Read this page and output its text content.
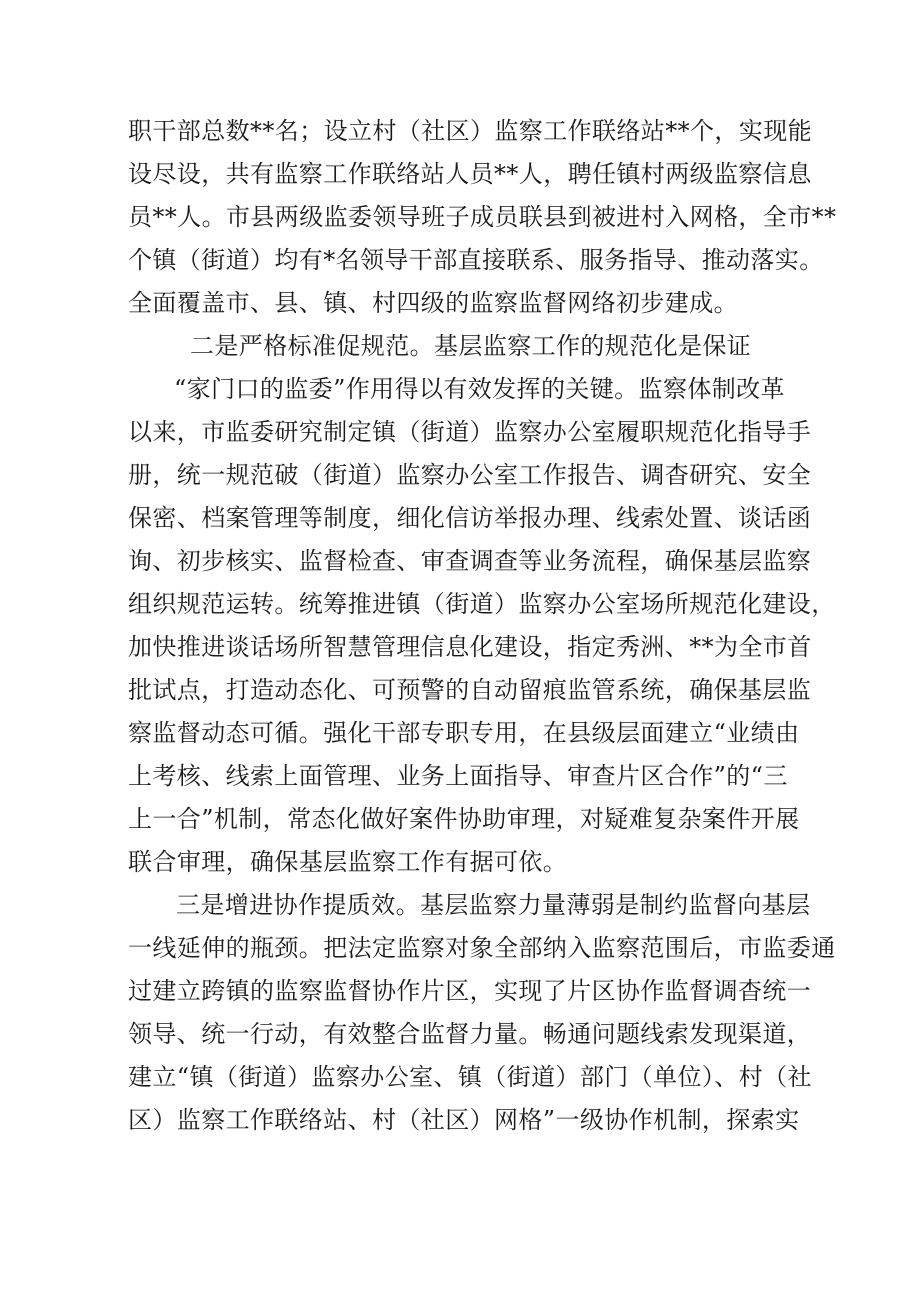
职干部总数**名；设立村（社区）监察工作联络站**个，实现能
设尽设，共有监察工作联络站人员**人，聘任镇村两级监察信息
员**人。市县两级监委领导班子成员联县到被进村入网格，全市**
个镇（街道）均有*名领导干部直接联系、服务指导、推动落实。
全面覆盖市、县、镇、村四级的监察监督网络初步建成。
二是严格标准促规范。基层监察工作的规范化是保证
“家门口的监委”作用得以有效发挥的关键。监察体制改革
以来，市监委研究制定镇（街道）监察办公室履职规范化指导手
册，统一规范破（街道）监察办公室工作报告、调杳研究、安全
保密、档案管理等制度，细化信访举报办理、线索处置、谈话函
询、初步核实、监督检查、审查调查等业务流程，确保基层监察
组织规范运转。统筹推进镇（街道）监察办公室场所规范化建设，
加快推进谈话场所智慧管理信息化建设，指定秀洲、**为全市首
批试点，打造动态化、可预警的自动留痕监管系统，确保基层监
察监督动态可循。强化干部专职专用，在县级层面建立“业绩由
上考核、线索上面管理、业务上面指导、审查片区合作”的“三
上一合”机制，常态化做好案件协助审理，对疑难复杂案件开展
联合审理，确保基层监察工作有据可依。
三是增进协作提质效。基层监察力量薄弱是制约监督向基层
一线延伸的瓶颈。把法定监察对象全部纳入监察范围后，市监委通
过建立跨镇的监察监督协作片区，实现了片区协作监督调杳统一
领导、统一行动，有效整合监督力量。畅通问题线索发现渠道，
建立“镇（街道）监察办公室、镇（街道）部门（单位）、村（社
区）监察工作联络站、村（社区）网格”一级协作机制，探索实
